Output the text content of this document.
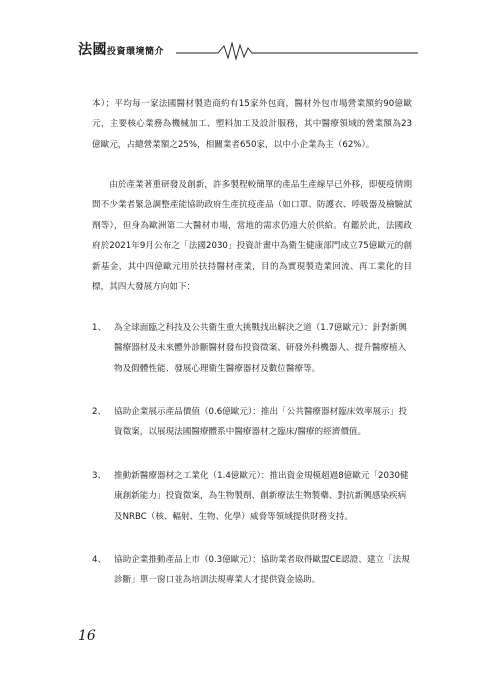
法國投資環境簡介
本）；平均每一家法國醫材製造商約有15家外包商，醫材外包市場營業額約90億歐元，主要核心業務為機械加工、塑料加工及設計服務，其中醫療領域的營業額為23億歐元，占總營業額之25%，相關業者650家，以中小企業為主（62%）。
由於產業著重研發及創新，許多製程較簡單的產品生產線早已外移，即便疫情期間不少業者緊急調整產能協助政府生產抗疫產品（如口罩、防護衣、呼吸器及檢驗試劑等），但身為歐洲第二大醫材市場，當地的需求仍遠大於供給。有鑑於此，法國政府於2021年9月公布之「法國2030」投資計畫中為衛生健康部門成立75億歐元的創新基金，其中四億歐元用於扶持醫材產業，目的為實現製造業回流、再工業化的目標，其四大發展方向如下：
1、 為全球面臨之科技及公共衛生重大挑戰找出解決之道（1.7億歐元）：針對新興醫療器材及未來體外診斷醫材發布投資徵案、研發外科機器人、提升醫療植入物及假體性能、發展心理衛生醫療器材及數位醫療等。
2、 協助企業展示產品價值（0.6億歐元）：推出「公共醫療器材臨床效率展示」投資徵案，以展現法國醫療體系中醫療器材之臨床/醫療的經濟價值。
3、 推動新醫療器材之工業化（1.4億歐元）：推出資金規模超過8億歐元「2030健康創新能力」投資徵案，為生物製劑、創新療法生物製藥、對抗新興感染疾病及NRBC（核、輻射、生物、化學）威脅等領域提供財務支持。
4、 協助企業推動產品上市（0.3億歐元）：協助業者取得歐盟CE認證、建立「法規診斷」單一窗口並為培訓法規專業人才提供資金協助。
16
